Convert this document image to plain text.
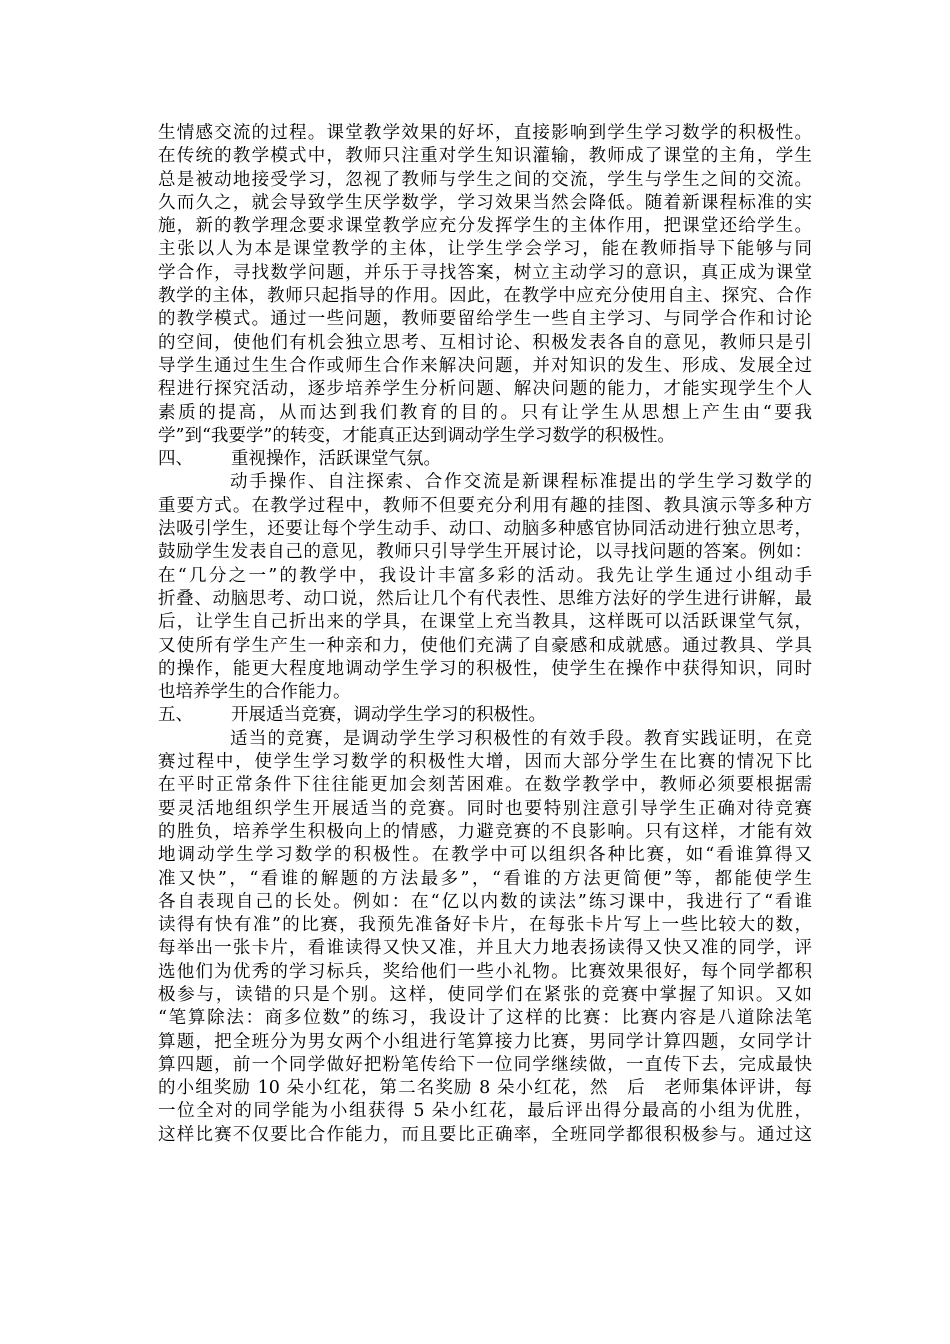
生情感交流的过程。课堂教学效果的好坏，直接影响到学生学习数学的积极性。
在传统的教学模式中，教师只注重对学生知识灌输，教师成了课堂的主角，学生
总是被动地接受学习，忽视了教师与学生之间的交流，学生与学生之间的交流。
久而久之，就会导致学生厌学数学，学习效果当然会降低。随着新课程标准的实
施，新的教学理念要求课堂教学应充分发挥学生的主体作用，把课堂还给学生。
主张以人为本是课堂教学的主体，让学生学会学习，能在教师指导下能够与同
学合作，寻找数学问题，并乐于寻找答案，树立主动学习的意识，真正成为课堂
教学的主体，教师只起指导的作用。因此，在教学中应充分使用自主、探究、合作
的教学模式。通过一些问题，教师要留给学生一些自主学习、与同学合作和讨论
的空间，使他们有机会独立思考、互相讨论、积极发表各自的意见，教师只是引
导学生通过生生合作或师生合作来解决问题，并对知识的发生、形成、发展全过
程进行探究活动，逐步培养学生分析问题、解决问题的能力，才能实现学生个人
素质的提高，从而达到我们教育的目的。只有让学生从思想上产生由“要我
学”到“我要学”的转变，才能真正达到调动学生学习数学的积极性。
四、 重视操作，活跃课堂气氛。
动手操作、自注探索、合作交流是新课程标准提出的学生学习数学的
重要方式。在教学过程中，教师不但要充分利用有趣的挂图、教具演示等多种方
法吸引学生，还要让每个学生动手、动口、动脑多种感官协同活动进行独立思考，
鼓励学生发表自己的意见，教师只引导学生开展讨论，以寻找问题的答案。例如：
在“几分之一”的教学中，我设计丰富多彩的活动。我先让学生通过小组动手
折叠、动脑思考、动口说，然后让几个有代表性、思维方法好的学生进行讲解，最
后，让学生自己折出来的学具，在课堂上充当教具，这样既可以活跃课堂气氛，
又使所有学生产生一种亲和力，使他们充满了自豪感和成就感。通过教具、学具
的操作，能更大程度地调动学生学习的积极性，使学生在操作中获得知识，同时
也培养学生的合作能力。
五、 开展适当竞赛，调动学生学习的积极性。
适当的竞赛，是调动学生学习积极性的有效手段。教育实践证明，在竞
赛过程中，使学生学习数学的积极性大增，因而大部分学生在比赛的情况下比
在平时正常条件下往往能更加会刻苦困难。在数学教学中，教师必须要根据需
要灵活地组织学生开展适当的竞赛。同时也要特别注意引导学生正确对待竞赛
的胜负，培养学生积极向上的情感，力避竞赛的不良影响。只有这样，才能有效
地调动学生学习数学的积极性。在教学中可以组织各种比赛，如“看谁算得又
准又快”，“看谁的解题的方法最多”，“看谁的方法更简便”等，都能使学生
各自表现自己的长处。例如：在“亿以内数的读法”练习课中，我进行了“看谁
读得有快有准”的比赛，我预先准备好卡片，在每张卡片写上一些比较大的数，
每举出一张卡片，看谁读得又快又准，并且大力地表扬读得又快又准的同学，评
选他们为优秀的学习标兵，奖给他们一些小礼物。比赛效果很好，每个同学都积
极参与，读错的只是个别。这样，使同学们在紧张的竞赛中掌握了知识。又如
“笔算除法：商多位数”的练习，我设计了这样的比赛：比赛内容是八道除法笔
算题，把全班分为男女两个小组进行笔算接力比赛，男同学计算四题，女同学计
算四题，前一个同学做好把粉笔传给下一位同学继续做，一直传下去，完成最快
的小组奖励 10 朵小红花，第二名奖励 8 朵小红花，然　后　老师集体评讲，每
一位全对的同学能为小组获得 5 朵小红花，最后评出得分最高的小组为优胜，
这样比赛不仅要比合作能力，而且要比正确率，全班同学都很积极参与。通过这
